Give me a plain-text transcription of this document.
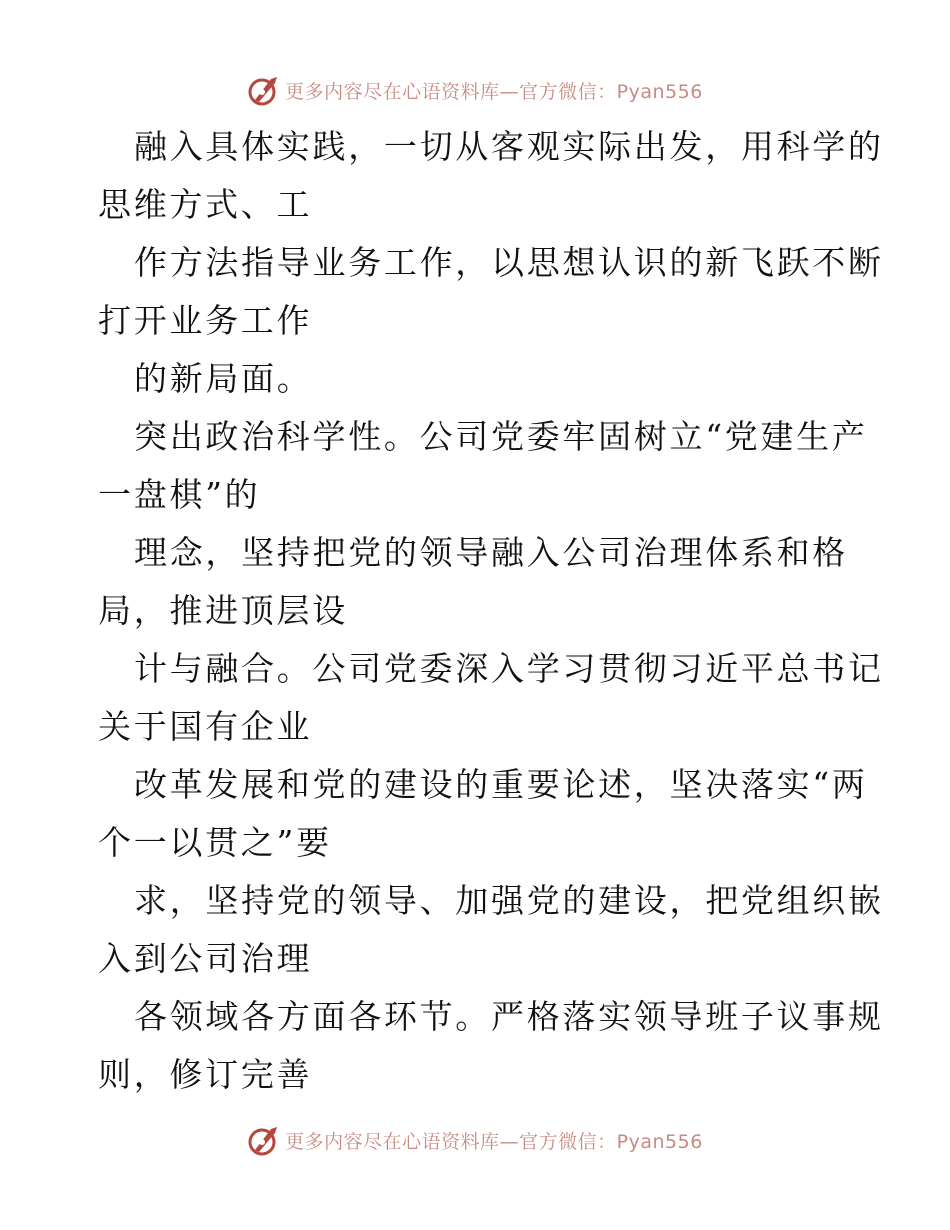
更多内容尽在心语资料库—官方微信：Pyan556
融入具体实践，一切从客观实际出发，用科学的
思维方式、工
作方法指导业务工作，以思想认识的新飞跃不断
打开业务工作
的新局面。
突出政治科学性。公司党委牢固树立“党建生产
一盘棋”的
理念，坚持把党的领导融入公司治理体系和格
局，推进顶层设
计与融合。公司党委深入学习贯彻习近平总书记
关于国有企业
改革发展和党的建设的重要论述，坚决落实“两
个一以贯之”要
求，坚持党的领导、加强党的建设，把党组织嵌
入到公司治理
各领域各方面各环节。严格落实领导班子议事规
则，修订完善
更多内容尽在心语资料库—官方微信：Pyan556
